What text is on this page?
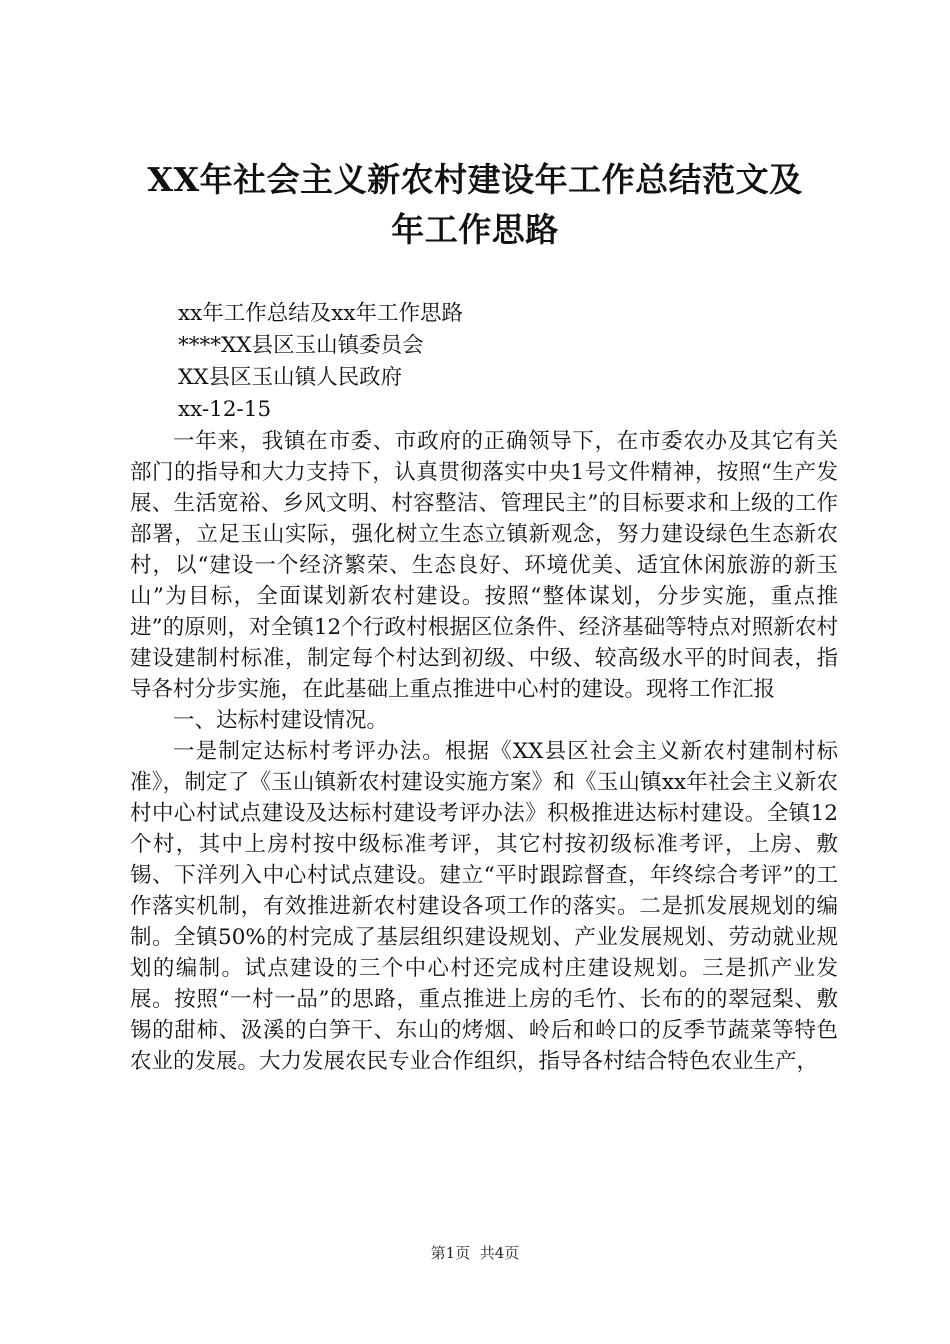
XX年社会主义新农村建设年工作总结范文及
年工作思路
xx年工作总结及xx年工作思路
****XX县区玉山镇委员会
XX县区玉山镇人民政府
xx-12-15

一年来，我镇在市委、市政府的正确领导下，在市委农办及其它有关部门的指导和大力支持下，认真贯彻落实中央1号文件精神，按照“生产发展、生活宽裕、乡风文明、村容整洁、管理民主”的目标要求和上级的工作部署，立足玉山实际，强化树立生态立镇新观念，努力建设绿色生态新农村，以“建设一个经济繁荣、生态良好、环境优美、适宜休闲旅游的新玉山”为目标，全面谋划新农村建设。按照“整体谋划，分步实施，重点推进”的原则，对全镇12个行政村根据区位条件、经济基础等特点对照新农村建设建制村标准，制定每个村达到初级、中级、较高级水平的时间表，指导各村分步实施，在此基础上重点推进中心村的建设。现将工作汇报

一、达标村建设情况。

一是制定达标村考评办法。根据《XX县区社会主义新农村建制村标准》，制定了《玉山镇新农村建设实施方案》和《玉山镇xx年社会主义新农村中心村试点建设及达标村建设考评办法》积极推进达标村建设。全镇12个村，其中上房村按中级标准考评，其它村按初级标准考评，上房、敷锡、下洋列入中心村试点建设。建立“平时跟踪督查，年终综合考评”的工作落实机制，有效推进新农村建设各项工作的落实。二是抓发展规划的编制。全镇50%的村完成了基层组织建设规划、产业发展规划、劳动就业规划的编制。试点建设的三个中心村还完成村庄建设规划。三是抓产业发展。按照“一村一品”的思路，重点推进上房的毛竹、长布的的翠冠梨、敷锡的甜柿、汲溪的白笋干、东山的烤烟、岭后和岭口的反季节蔬菜等特色农业的发展。大力发展农民专业合作组织，指导各村结合特色农业生产，

第1页 共4页
